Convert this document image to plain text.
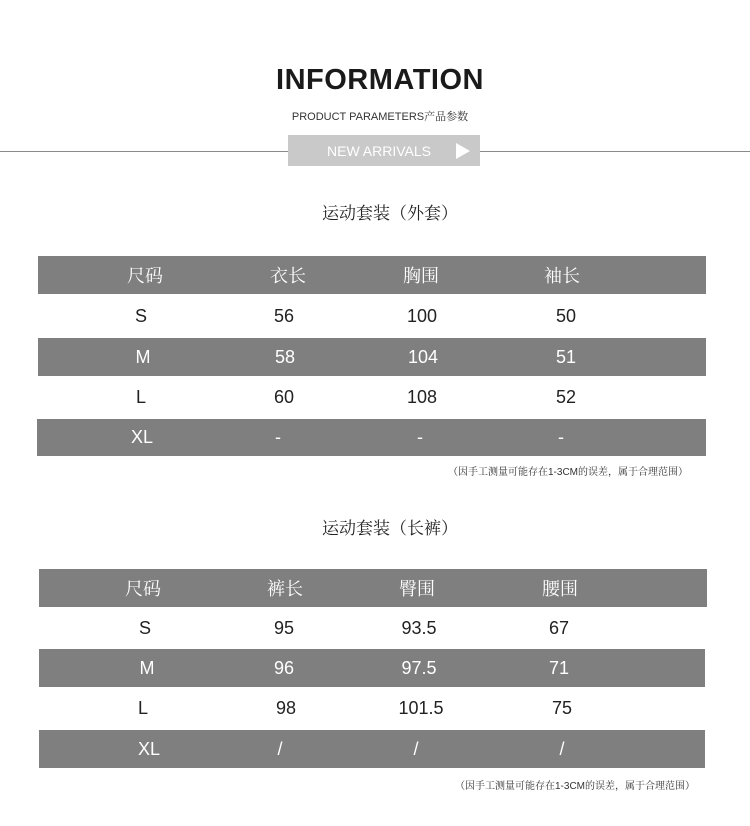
INFORMATION
PRODUCT PARAMETERS产品参数
NEW ARRIVALS
运动套装（外套）
尺码	衣长	胸围	袖长
S	56	100	50
M	58	104	51
L	60	108	52
XL	-	-	-
（因手工测量可能存在1-3CM的误差，属于合理范围）
运动套装（长裤）
尺码	裤长	臀围	腰围
S	95	93.5	67
M	96	97.5	71
L	98	101.5	75
XL	/	/	/
（因手工测量可能存在1-3CM的误差，属于合理范围）
